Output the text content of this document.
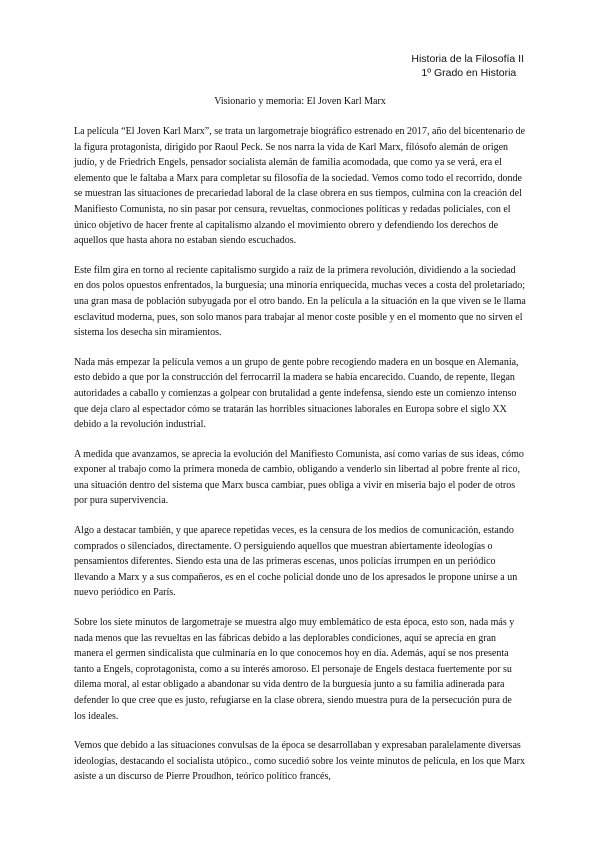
Historia de la Filosofía II
1º Grado en Historia
Visionario y memoria: El Joven Karl Marx

La película “El Joven Karl Marx”, se trata un largometraje biográfico estrenado en 2017, año del bicentenario de la figura protagonista, dirigido por Raoul Peck. Se nos narra la vida de Karl Marx, filósofo alemán de origen judío, y de Friedrich Engels, pensador socialista alemán de familia acomodada, que como ya se verá, era el elemento que le faltaba a Marx para completar su filosofía de la sociedad. Vemos como todo el recorrido, donde se muestran las situaciones de precariedad laboral de la clase obrera en sus tiempos, culmina con la creación del Manifiesto Comunista, no sin pasar por censura, revueltas, conmociones políticas y redadas policiales, con el único objetivo de hacer frente al capitalismo alzando el movimiento obrero y defendiendo los derechos de aquellos que hasta ahora no estaban siendo escuchados.

Este film gira en torno al reciente capitalismo surgido a raíz de la primera revolución, dividiendo a la sociedad en dos polos opuestos enfrentados, la burguesía; una minoría enriquecida, muchas veces a costa del proletariado; una gran masa de población subyugada por el otro bando. En la película a la situación en la que viven se le llama esclavitud moderna, pues, son solo manos para trabajar al menor coste posible y en el momento que no sirven el sistema los desecha sin miramientos.

Nada más empezar la película vemos a un grupo de gente pobre recogiendo madera en un bosque en Alemania, esto debido a que por la construcción del ferrocarril la madera se había encarecido. Cuando, de repente, llegan autoridades a caballo y comienzas a golpear con brutalidad a gente indefensa, siendo este un comienzo intenso que deja claro al espectador cómo se tratarán las horribles situaciones laborales en Europa sobre el siglo XX debido a la revolución industrial.

A medida que avanzamos, se aprecia la evolución del Manifiesto Comunista, así como varias de sus ideas, cómo exponer al trabajo como la primera moneda de cambio, obligando a venderlo sin libertad al pobre frente al rico, una situación dentro del sistema que Marx busca cambiar, pues obliga a vivir en miseria bajo el poder de otros por pura supervivencia.

Algo a destacar también, y que aparece repetidas veces, es la censura de los medios de comunicación, estando comprados o silenciados, directamente. O persiguiendo aquellos que muestran abiertamente ideologías o pensamientos diferentes. Siendo esta una de las primeras escenas, unos policías irrumpen en un periódico llevando a Marx y a sus compañeros, es en el coche policial donde uno de los apresados le propone unirse a un nuevo periódico en París.

Sobre los siete minutos de largometraje se muestra algo muy emblemático de esta época, esto son, nada más y nada menos que las revueltas en las fábricas debido a las deplorables condiciones, aquí se aprecia en gran manera el germen sindicalista que culminaría en lo que conocemos hoy en día. Además, aquí se nos presenta tanto a Engels, coprotagonista, como a su interés amoroso. El personaje de Engels destaca fuertemente por su dilema moral, al estar obligado a abandonar su vida dentro de la burguesía junto a su familia adinerada para defender lo que cree que es justo, refugiarse en la clase obrera, siendo muestra pura de la persecución pura de los ideales.

Vemos que debido a las situaciones convulsas de la época se desarrollaban y expresaban paralelamente diversas ideologías, destacando el socialista utópico., como sucedió sobre los veinte minutos de película, en los que Marx asiste a un discurso de Pierre Proudhon, teórico político francés,
